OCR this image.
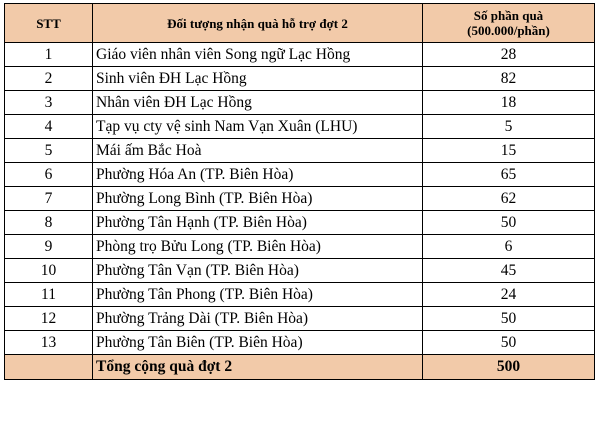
STT	Đối tượng nhận quà hỗ trợ đợt 2	Số phần quà
(500.000/phần)

1	Giáo viên nhân viên Song ngữ Lạc Hồng	28
2	Sinh viên ĐH Lạc Hồng	82
3	Nhân viên ĐH Lạc Hồng	18
4	Tạp vụ cty vệ sinh Nam Vạn Xuân (LHU)	5
5	Mái ấm Bắc Hoà	15
6	Phường Hóa An (TP. Biên Hòa)	65
7	Phường Long Bình (TP. Biên Hòa)	62
8	Phường Tân Hạnh (TP. Biên Hòa)	50
9	Phòng trọ Bửu Long (TP. Biên Hòa)	6
10	Phường Tân Vạn (TP. Biên Hòa)	45
11	Phường Tân Phong (TP. Biên Hòa)	24
12	Phường Trảng Dài (TP. Biên Hòa)	50
13	Phường Tân Biên (TP. Biên Hòa)	50
	Tổng cộng quà đợt 2	500
